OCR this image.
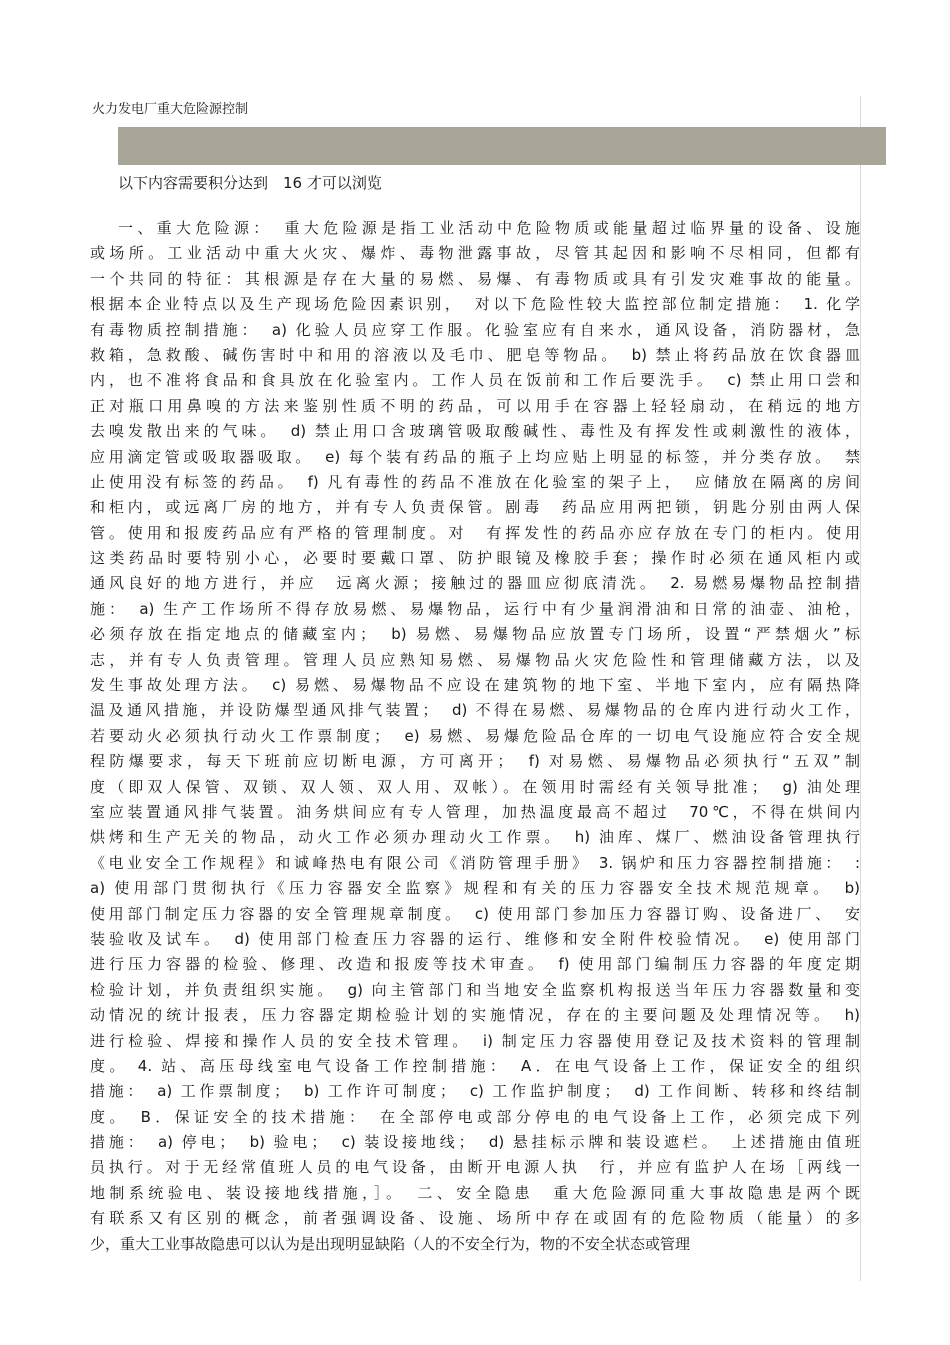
火力发电厂重大危险源控制
以下内容需要积分达到　16 才可以浏览
一、重大危险源：　重大危险源是指工业活动中危险物质或能量超过临界量的设备、设施
或场所。工业活动中重大火灾、爆炸、毒物泄露事故，尽管其起因和影响不尽相同，但都有
一个共同的特征：其根源是存在大量的易燃、易爆、有毒物质或具有引发灾难事故的能量。
根据本企业特点以及生产现场危险因素识别，　对以下危险性较大监控部位制定措施：　1. 化学
有毒物质控制措施：　a) 化验人员应穿工作服。化验室应有自来水，通风设备，消防器材，急
救箱，急救酸、碱伤害时中和用的溶液以及毛巾、肥皂等物品。　b) 禁止将药品放在饮食器皿
内，也不准将食品和食具放在化验室内。工作人员在饭前和工作后要洗手。　c) 禁止用口尝和
正对瓶口用鼻嗅的方法来鉴别性质不明的药品，可以用手在容器上轻轻扇动，在稍远的地方
去嗅发散出来的气味。　d) 禁止用口含玻璃管吸取酸碱性、毒性及有挥发性或刺激性的液体，
应用滴定管或吸取器吸取。　e) 每个装有药品的瓶子上均应贴上明显的标签，并分类存放。　禁
止使用没有标签的药品。　f) 凡有毒性的药品不准放在化验室的架子上，　应储放在隔离的房间
和柜内，或远离厂房的地方，并有专人负责保管。剧毒　药品应用两把锁，钥匙分别由两人保
管。使用和报废药品应有严格的管理制度。对　有挥发性的药品亦应存放在专门的柜内。使用
这类药品时要特别小心，必要时要戴口罩、防护眼镜及橡胶手套；操作时必须在通风柜内或
通风良好的地方进行，并应　远离火源；接触过的器皿应彻底清洗。　2. 易燃易爆物品控制措
施：　a) 生产工作场所不得存放易燃、易爆物品，运行中有少量润滑油和日常的油壶、油枪，
必须存放在指定地点的储藏室内；　b) 易燃、易爆物品应放置专门场所，设置“严禁烟火”标
志，并有专人负责管理。管理人员应熟知易燃、易爆物品火灾危险性和管理储藏方法，以及
发生事故处理方法。　c) 易燃、易爆物品不应设在建筑物的地下室、半地下室内，应有隔热降
温及通风措施，并设防爆型通风排气装置；　d) 不得在易燃、易爆物品的仓库内进行动火工作，
若要动火必须执行动火工作票制度；　e) 易燃、易爆危险品仓库的一切电气设施应符合安全规
程防爆要求，每天下班前应切断电源，方可离开；　f) 对易燃、易爆物品必须执行“五双”制
度（即双人保管、双锁、双人领、双人用、双帐）。在领用时需经有关领导批准；　g) 油处理
室应装置通风排气装置。油务烘间应有专人管理，加热温度最高不超过　70℃，不得在烘间内
烘烤和生产无关的物品，动火工作必须办理动火工作票。　h) 油库、煤厂、燃油设备管理执行
《电业安全工作规程》和诚峰热电有限公司《消防管理手册》 3. 锅炉和压力容器控制措施：　:
a) 使用部门贯彻执行《压力容器安全监察》规程和有关的压力容器安全技术规范规章。　b)
使用部门制定压力容器的安全管理规章制度。　c) 使用部门参加压力容器订购、设备进厂、　安
装验收及试车。　d) 使用部门检查压力容器的运行、维修和安全附件校验情况。　e) 使用部门
进行压力容器的检验、修理、改造和报废等技术审查。　f) 使用部门编制压力容器的年度定期
检验计划，并负责组织实施。　g) 向主管部门和当地安全监察机构报送当年压力容器数量和变
动情况的统计报表，压力容器定期检验计划的实施情况，存在的主要问题及处理情况等。　h)
进行检验、焊接和操作人员的安全技术管理。　i) 制定压力容器使用登记及技术资料的管理制
度。 4. 站、高压母线室电气设备工作控制措施：　A．在电气设备上工作，保证安全的组织
措施：　a) 工作票制度；　b) 工作许可制度；　c) 工作监护制度；　d) 工作间断、转移和终结制
度。　B．保证安全的技术措施：　在全部停电或部分停电的电气设备上工作，必须完成下列
措施：　a) 停电；　b) 验电；　c) 装设接地线；　d) 悬挂标示牌和装设遮栏。　上述措施由值班
员执行。对于无经常值班人员的电气设备，由断开电源人执　行，并应有监护人在场［两线一
地制系统验电、装设接地线措施，］。　二、安全隐患　重大危险源同重大事故隐患是两个既
有联系又有区别的概念，前者强调设备、设施、场所中存在或固有的危险物质（能量）的多
少，重大工业事故隐患可以认为是出现明显缺陷（人的不安全行为，物的不安全状态或管理
